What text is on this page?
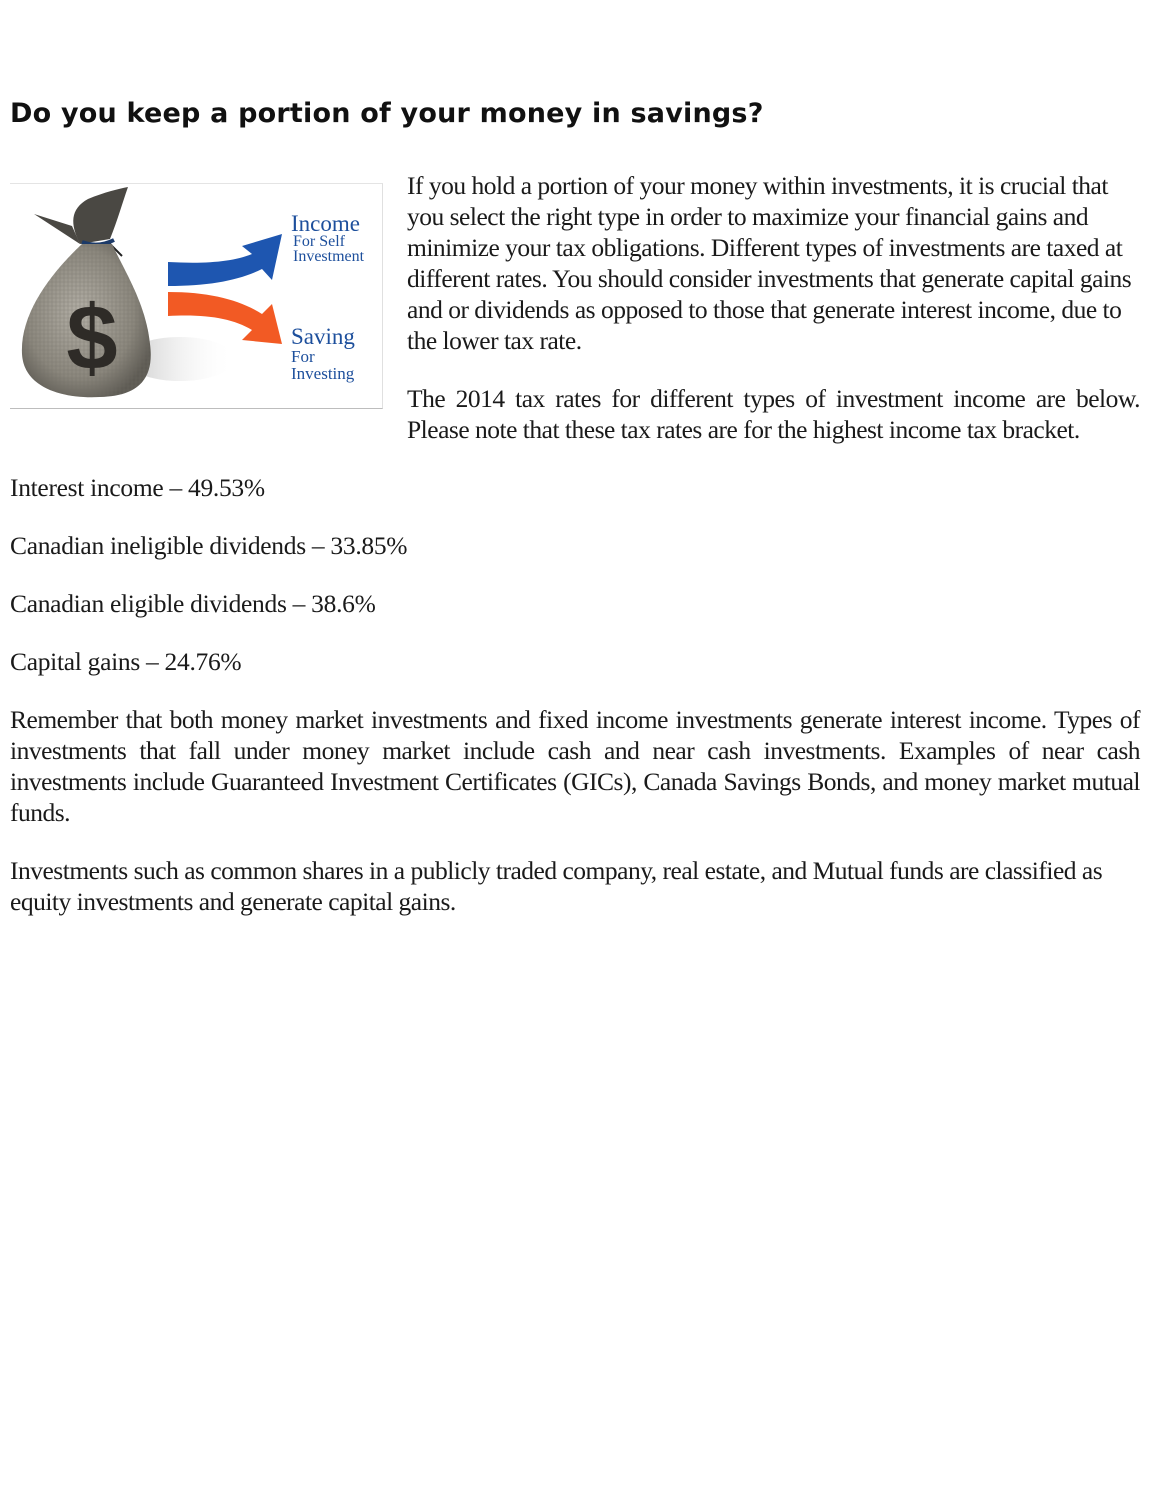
Do you keep a portion of your money in savings?
$
Income
For Self
Investment
Saving
For Investing

If you hold a portion of your money within investments, it is crucial that you select the right type in order to maximize your financial gains and minimize your tax obligations. Different types of investments are taxed at different rates. You should consider investments that generate capital gains and or dividends as opposed to those that generate interest income, due to the lower tax rate.

The 2014 tax rates for different types of investment income are below. Please note that these tax rates are for the highest income tax bracket.

Interest income – 49.53%

Canadian ineligible dividends – 33.85%

Canadian eligible dividends – 38.6%

Capital gains – 24.76%

Remember that both money market investments and fixed income investments generate interest income. Types of investments that fall under money market include cash and near cash investments. Examples of near cash investments include Guaranteed Investment Certificates (GICs), Canada Savings Bonds, and money market mutual funds.

Investments such as common shares in a publicly traded company, real estate, and Mutual funds are classified as equity investments and generate capital gains.
